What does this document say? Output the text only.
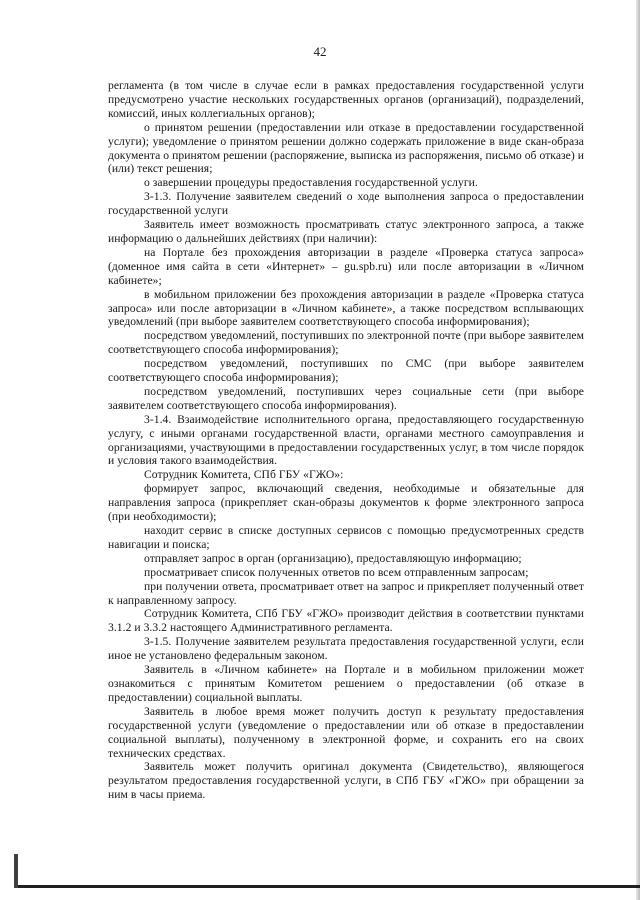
42

регламента (в том числе в случае если в рамках предоставления государственной услуги предусмотрено участие нескольких государственных органов (организаций), подразделений, комиссий, иных коллегиальных органов);

о принятом решении (предоставлении или отказе в предоставлении государственной услуги); уведомление о принятом решении должно содержать приложение в виде скан-образа документа о принятом решении (распоряжение, выписка из распоряжения, письмо об отказе) и (или) текст решения;

о завершении процедуры предоставления государственной услуги.

3-1.3. Получение заявителем сведений о ходе выполнения запроса о предоставлении государственной услуги

Заявитель имеет возможность просматривать статус электронного запроса, а также информацию о дальнейших действиях (при наличии):

на Портале без прохождения авторизации в разделе «Проверка статуса запроса» (доменное имя сайта в сети «Интернет» – gu.spb.ru) или после авторизации в «Личном кабинете»;

в мобильном приложении без прохождения авторизации в разделе «Проверка статуса запроса» или после авторизации в «Личном кабинете», а также посредством всплывающих уведомлений (при выборе заявителем соответствующего способа информирования);

посредством уведомлений, поступивших по электронной почте (при выборе заявителем соответствующего способа информирования);

посредством уведомлений, поступивших по СМС (при выборе заявителем соответствующего способа информирования);

посредством уведомлений, поступивших через социальные сети (при выборе заявителем соответствующего способа информирования).

3-1.4. Взаимодействие исполнительного органа, предоставляющего государственную услугу, с иными органами государственной власти, органами местного самоуправления и организациями, участвующими в предоставлении государственных услуг, в том числе порядок и условия такого взаимодействия.

Сотрудник Комитета, СПб ГБУ «ГЖО»:

формирует запрос, включающий сведения, необходимые и обязательные для направления запроса (прикрепляет скан-образы документов к форме электронного запроса (при необходимости);

находит сервис в списке доступных сервисов с помощью предусмотренных средств навигации и поиска;

отправляет запрос в орган (организацию), предоставляющую информацию;

просматривает список полученных ответов по всем отправленным запросам;

при получении ответа, просматривает ответ на запрос и прикрепляет полученный ответ к направленному запросу.

Сотрудник Комитета, СПб ГБУ «ГЖО» производит действия в соответствии пунктами 3.1.2 и 3.3.2 настоящего Административного регламента.

3-1.5. Получение заявителем результата предоставления государственной услуги, если иное не установлено федеральным законом.

Заявитель в «Личном кабинете» на Портале и в мобильном приложении может ознакомиться с принятым Комитетом решением о предоставлении (об отказе в предоставлении) социальной выплаты.

Заявитель в любое время может получить доступ к результату предоставления государственной услуги (уведомление о предоставлении или об отказе в предоставлении социальной выплаты), полученному в электронной форме, и сохранить его на своих технических средствах.

Заявитель может получить оригинал документа (Свидетельство), являющегося результатом предоставления государственной услуги, в СПб ГБУ «ГЖО» при обращении за ним в часы приема.
